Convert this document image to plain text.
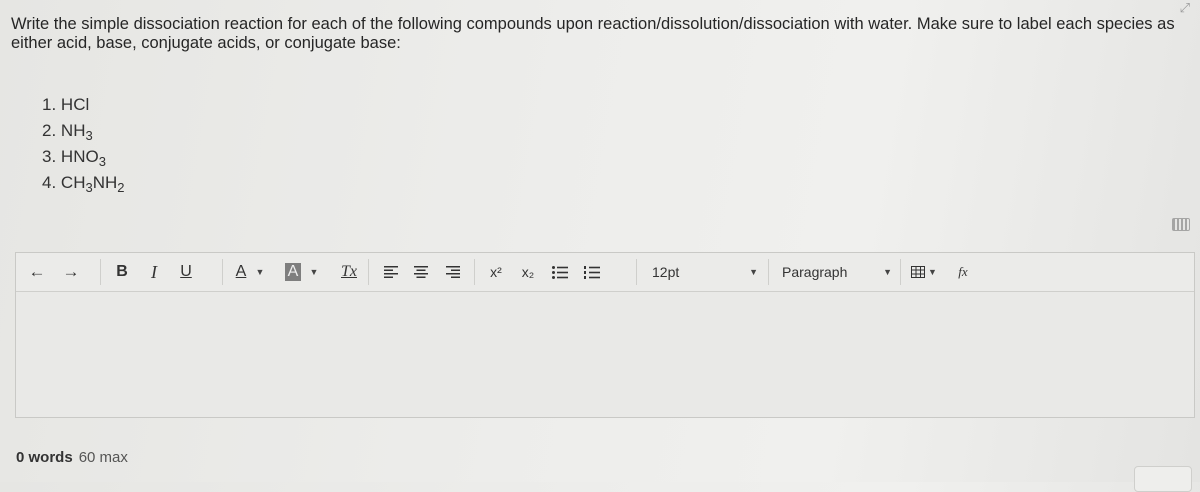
Write the simple dissociation reaction for each of the following compounds upon reaction/dissolution/dissociation with water. Make sure to label each species as either acid, base, conjugate acids, or conjugate base:
1. HCl
2. $NH_3$
3. $HNO_3$
4. $CH_3NH_2$
⤢
← →	B	I	U	A	▼ A	▼	Tx	x²	x₂	12pt	▼ Paragraph	▼	▼	fx
0 words 60 max
